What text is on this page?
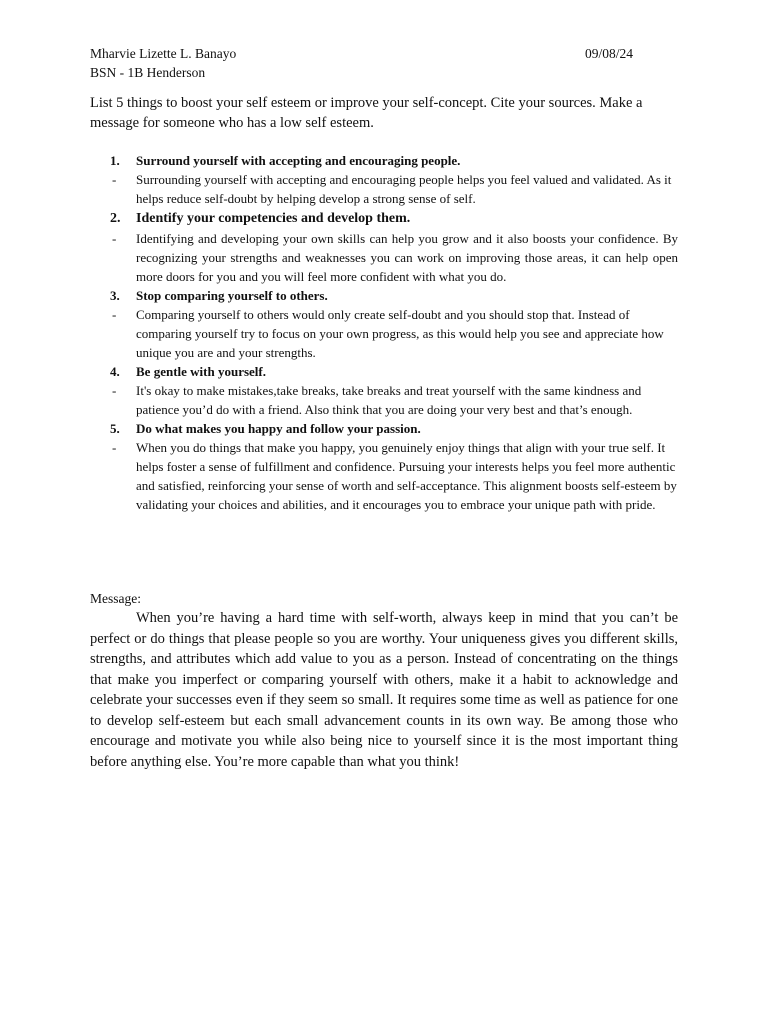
Mharvie Lizette L. Banayo	09/08/24
BSN - 1B Henderson
List 5 things to boost your self esteem or improve your self-concept. Cite your sources. Make a message for someone who has a low self esteem.
1.	Surround yourself with accepting and encouraging people.
-	Surrounding yourself with accepting and encouraging people helps you feel valued and validated. As it helps reduce self-doubt by helping develop a strong sense of self.
2.	Identify your competencies and develop them.
-	Identifying and developing your own skills can help you grow and it also boosts your confidence. By recognizing your strengths and weaknesses you can work on improving those areas, it can help open more doors for you and you will feel more confident with what you do.
3.	Stop comparing yourself to others.
-	Comparing yourself to others would only create self-doubt and you should stop that. Instead of comparing yourself try to focus on your own progress, as this would help you see and appreciate how unique you are and your strengths.
4.	Be gentle with yourself.
-	It's okay to make mistakes,take breaks, take breaks and treat yourself with the same kindness and patience you’d do with a friend. Also think that you are doing your very best and that’s enough.
5.	Do what makes you happy and follow your passion.
-	When you do things that make you happy, you genuinely enjoy things that align with your true self. It helps foster a sense of fulfillment and confidence. Pursuing your interests helps you feel more authentic and satisfied, reinforcing your sense of worth and self-acceptance. This alignment boosts self-esteem by validating your choices and abilities, and it encourages you to embrace your unique path with pride.
Message:

When you’re having a hard time with self-worth, always keep in mind that you can’t be perfect or do things that please people so you are worthy. Your uniqueness gives you different skills, strengths, and attributes which add value to you as a person. Instead of concentrating on the things that make you imperfect or comparing yourself with others, make it a habit to acknowledge and celebrate your successes even if they seem so small. It requires some time as well as patience for one to develop self-esteem but each small advancement counts in its own way. Be among those who encourage and motivate you while also being nice to yourself since it is the most important thing before anything else. You’re more capable than what you think!
